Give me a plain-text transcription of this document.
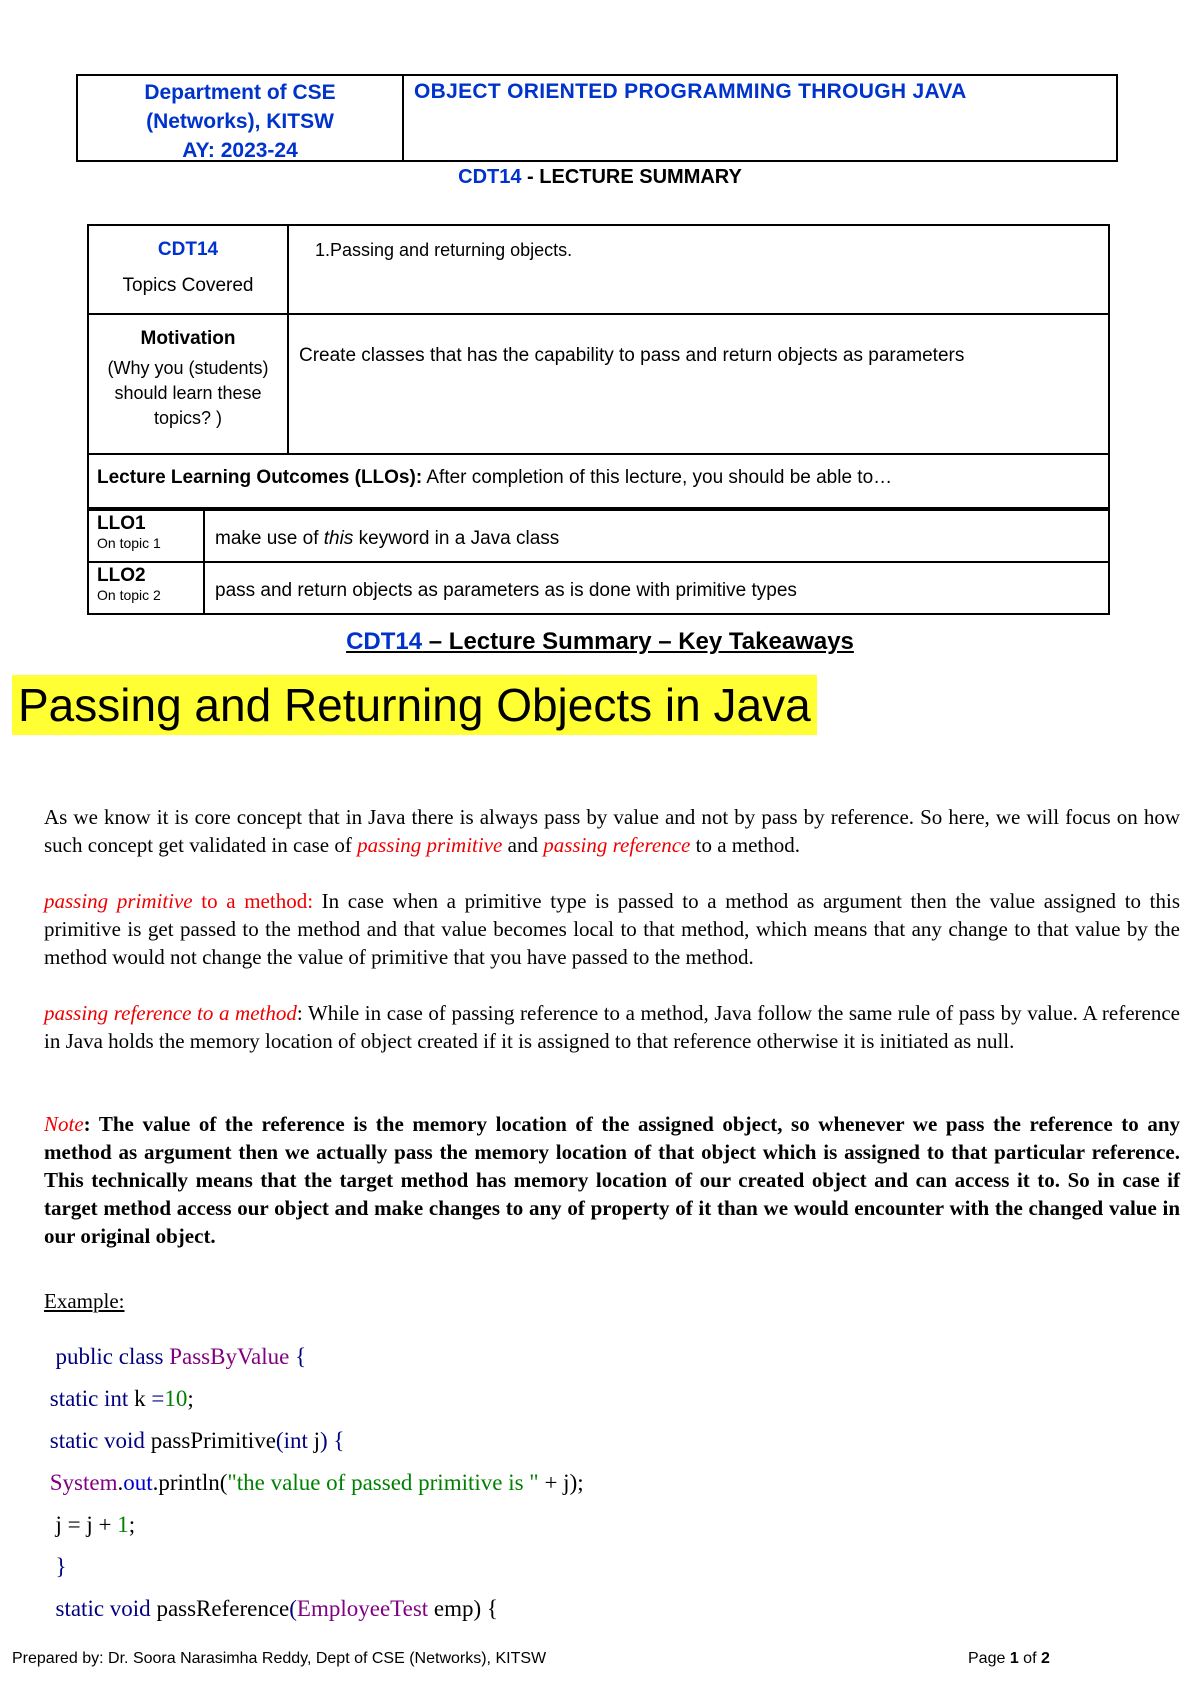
Department of CSE
(Networks), KITSW
AY: 2023-24
OBJECT ORIENTED PROGRAMMING THROUGH JAVA
CDT14 - LECTURE SUMMARY
CDT14
Topics Covered	1.Passing and returning objects.

Motivation
(Why you (students) should learn these topics? )	Create classes that has the capability to pass and return objects as parameters
Lecture Learning Outcomes (LLOs): After completion of this lecture, you should be able to…	
LLO1
On topic 1	make use of this keyword in a Java class

LLO2
On topic 2	pass and return objects as parameters as is done with primitive types
CDT14 – Lecture Summary – Key Takeaways
Passing and Returning Objects in Java
As we know it is core concept that in Java there is always pass by value and not by pass by reference. So here, we will focus on how such concept get validated in case of passing primitive and passing reference to a method.
passing primitive to a method: In case when a primitive type is passed to a method as argument then the value assigned to this primitive is get passed to the method and that value becomes local to that method, which means that any change to that value by the method would not change the value of primitive that you have passed to the method.
passing reference to a method: While in case of passing reference to a method, Java follow the same rule of pass by value. A reference in Java holds the memory location of object created if it is assigned to that reference otherwise it is initiated as null.
Note: The value of the reference is the memory location of the assigned object, so whenever we pass the reference to any method as argument then we actually pass the memory location of that object which is assigned to that particular reference. This technically means that the target method has memory location of our created object and can access it to. So in case if target method access our object and make changes to any of property of it than we would encounter with the changed value in our original object.
Example:
public class PassByValue {
static int k =10;
static void passPrimitive(int j) {
System.out.println("the value of passed primitive is " + j);
j = j + 1;
}
static void passReference(EmployeeTest emp) {
Prepared by: Dr. Soora Narasimha Reddy, Dept of CSE (Networks), KITSW	Page 1 of 2
